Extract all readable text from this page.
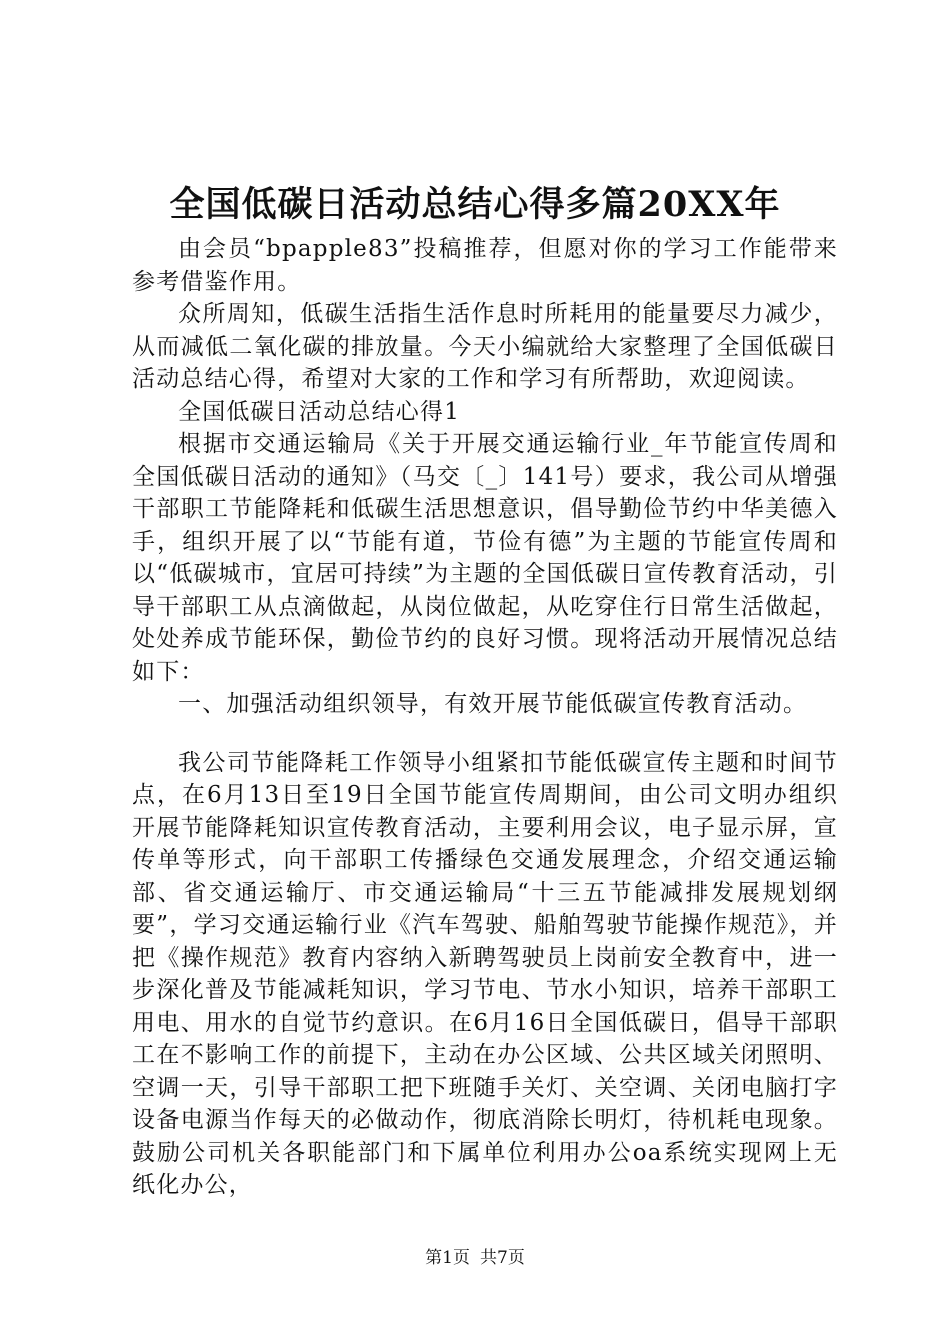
全国低碳日活动总结心得多篇20XX年

由会员“bpapple83”投稿推荐，但愿对你的学习工作能带来参考借鉴作用。

众所周知，低碳生活指生活作息时所耗用的能量要尽力减少，从而减低二氧化碳的排放量。今天小编就给大家整理了全国低碳日活动总结心得，希望对大家的工作和学习有所帮助，欢迎阅读。

全国低碳日活动总结心得1

根据市交通运输局《关于开展交通运输行业_年节能宣传周和全国低碳日活动的通知》（马交〔_〕141号）要求，我公司从增强干部职工节能降耗和低碳生活思想意识，倡导勤俭节约中华美德入手，组织开展了以“节能有道，节俭有德”为主题的节能宣传周和以“低碳城市，宜居可持续”为主题的全国低碳日宣传教育活动，引导干部职工从点滴做起，从岗位做起，从吃穿住行日常生活做起，处处养成节能环保，勤俭节约的良好习惯。现将活动开展情况总结如下：

一、加强活动组织领导，有效开展节能低碳宣传教育活动。

我公司节能降耗工作领导小组紧扣节能低碳宣传主题和时间节点，在6月13日至19日全国节能宣传周期间，由公司文明办组织开展节能降耗知识宣传教育活动，主要利用会议，电子显示屏，宣传单等形式，向干部职工传播绿色交通发展理念，介绍交通运输部、省交通运输厅、市交通运输局“十三五节能减排发展规划纲要”，学习交通运输行业《汽车驾驶、船舶驾驶节能操作规范》，并把《操作规范》教育内容纳入新聘驾驶员上岗前安全教育中，进一步深化普及节能减耗知识，学习节电、节水小知识，培养干部职工用电、用水的自觉节约意识。在6月16日全国低碳日，倡导干部职工在不影响工作的前提下，主动在办公区域、公共区域关闭照明、空调一天，引导干部职工把下班随手关灯、关空调、关闭电脑打字设备电源当作每天的必做动作，彻底消除长明灯，待机耗电现象。鼓励公司机关各职能部门和下属单位利用办公oa系统实现网上无纸化办公，

第1页 共7页
